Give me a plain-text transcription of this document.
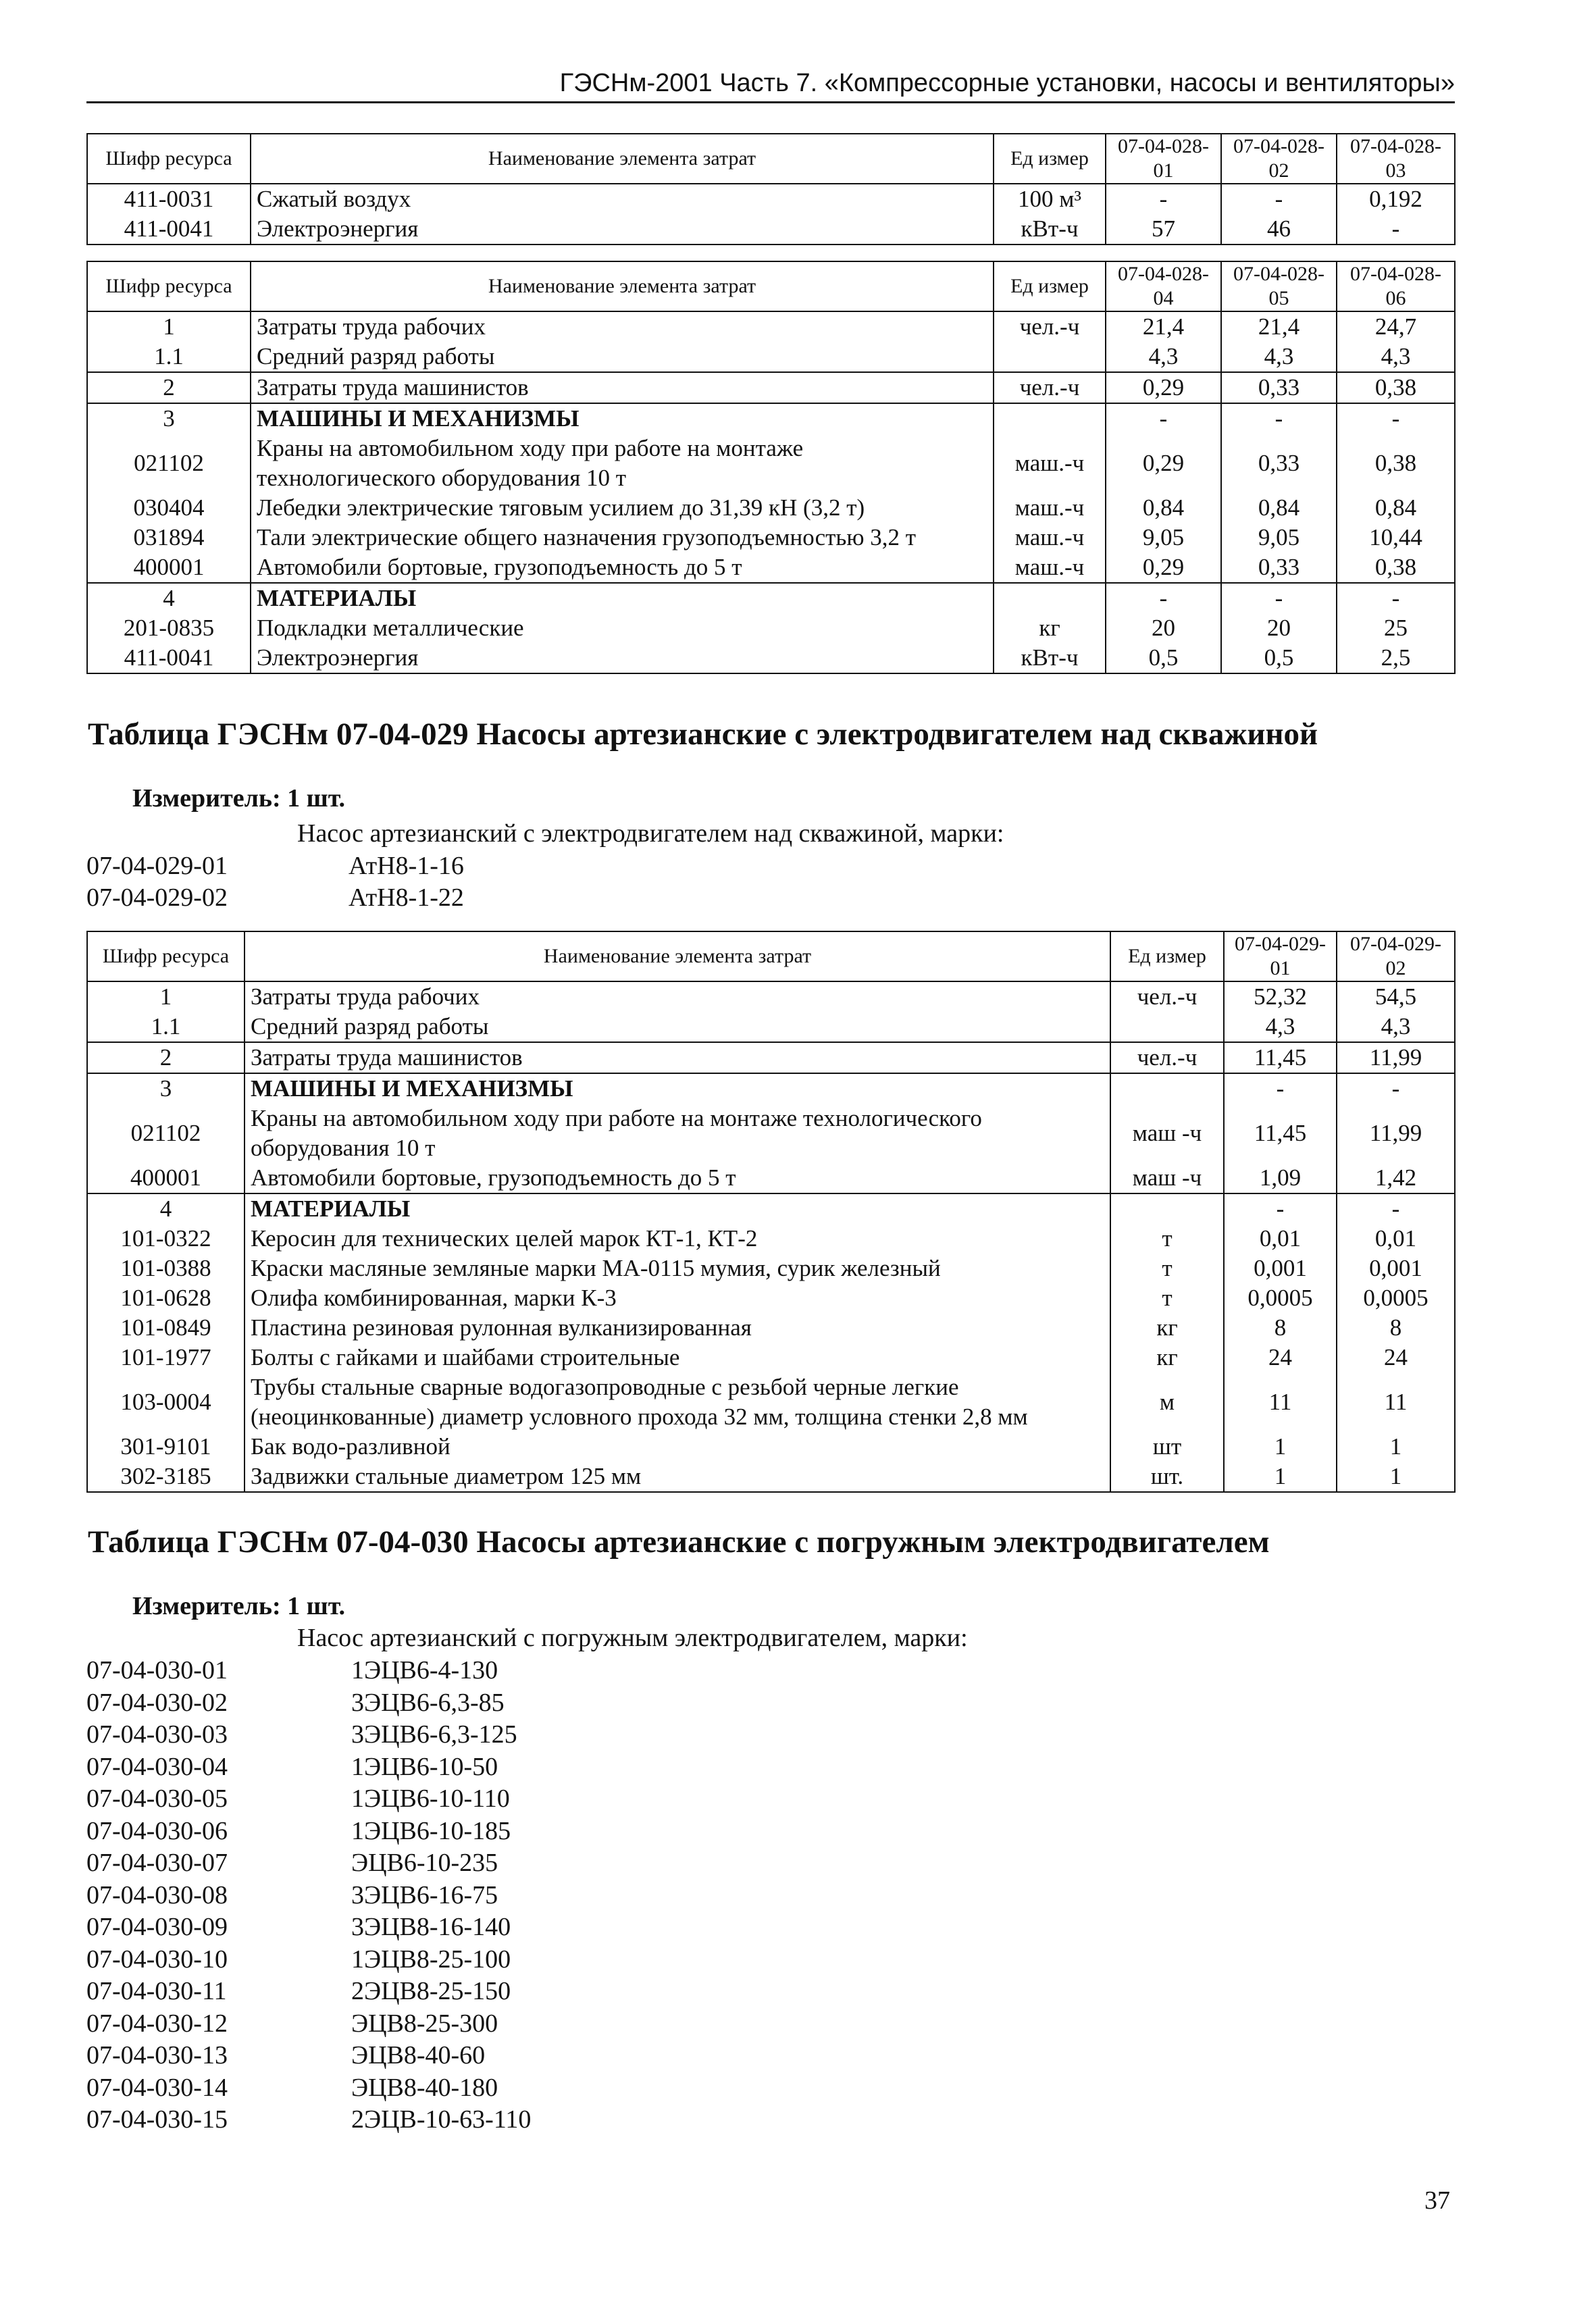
ГЭСНм-2001 Часть 7. «Компрессорные установки, насосы и вентиляторы»
Шифр ресурса	Наименование элемента затрат	Ед измер	07-04-028-01	07-04-028-02	07-04-028-03
411-0031	Сжатый воздух	100 м³	-	-	0,192
411-0041	Электроэнергия	кВт-ч	57	46	-
Шифр ресурса	Наименование элемента затрат	Ед измер	07-04-028-04	07-04-028-05	07-04-028-06
1	Затраты труда рабочих	чел.-ч	21,4	21,4	24,7
1.1	Средний разряд работы		4,3	4,3	4,3
2	Затраты труда машинистов	чел.-ч	0,29	0,33	0,38
3	МАШИНЫ И МЕХАНИЗМЫ		-	-	-
021102	Краны на автомобильном ходу при работе на монтаже технологического оборудования 10 т	маш.-ч	0,29	0,33	0,38
030404	Лебедки электрические тяговым усилием до 31,39 кН (3,2 т)	маш.-ч	0,84	0,84	0,84
031894	Тали электрические общего назначения грузоподъемностью 3,2 т	маш.-ч	9,05	9,05	10,44
400001	Автомобили бортовые, грузоподъемность до 5 т	маш.-ч	0,29	0,33	0,38
4	МАТЕРИАЛЫ		-	-	-
201-0835	Подкладки металлические	кг	20	20	25
411-0041	Электроэнергия	кВт-ч	0,5	0,5	2,5
Таблица ГЭСНм 07-04-029 Насосы артезианские с электродвигателем над скважиной
Измеритель: 1 шт.
Насос артезианский с электродвигателем над скважиной, марки:
07-04-029-01	АтН8-1-16
07-04-029-02	АтН8-1-22
Шифр ресурса	Наименование элемента затрат	Ед измер	07-04-029-01	07-04-029-02
1	Затраты труда рабочих	чел.-ч	52,32	54,5
1.1	Средний разряд работы		4,3	4,3
2	Затраты труда машинистов	чел.-ч	11,45	11,99
3	МАШИНЫ И МЕХАНИЗМЫ		-	-
021102	Краны на автомобильном ходу при работе на монтаже технологического оборудования 10 т	маш -ч	11,45	11,99
400001	Автомобили бортовые, грузоподъемность до 5 т	маш -ч	1,09	1,42
4	МАТЕРИАЛЫ		-	-
101-0322	Керосин для технических целей марок КТ-1, КТ-2	т	0,01	0,01
101-0388	Краски масляные земляные марки МА-0115 мумия, сурик железный	т	0,001	0,001
101-0628	Олифа комбинированная, марки К-3	т	0,0005	0,0005
101-0849	Пластина резиновая рулонная вулканизированная	кг	8	8
101-1977	Болты с гайками и шайбами строительные	кг	24	24
103-0004	Трубы стальные сварные водогазопроводные с резьбой черные легкие (неоцинкованные) диаметр условного прохода 32 мм, толщина стенки 2,8 мм	м	11	11
301-9101	Бак водо-разливной	шт	1	1
302-3185	Задвижки стальные диаметром 125 мм	шт.	1	1
Таблица ГЭСНм 07-04-030 Насосы артезианские с погружным электродвигателем
Измеритель: 1 шт.
Насос артезианский с погружным электродвигателем, марки:
07-04-030-01	1ЭЦВ6-4-130
07-04-030-02	3ЭЦВ6-6,3-85
07-04-030-03	3ЭЦВ6-6,3-125
07-04-030-04	1ЭЦВ6-10-50
07-04-030-05	1ЭЦВ6-10-110
07-04-030-06	1ЭЦВ6-10-185
07-04-030-07	ЭЦВ6-10-235
07-04-030-08	3ЭЦВ6-16-75
07-04-030-09	3ЭЦВ8-16-140
07-04-030-10	1ЭЦВ8-25-100
07-04-030-11	2ЭЦВ8-25-150
07-04-030-12	ЭЦВ8-25-300
07-04-030-13	ЭЦВ8-40-60
07-04-030-14	ЭЦВ8-40-180
07-04-030-15	2ЭЦВ-10-63-110
37
